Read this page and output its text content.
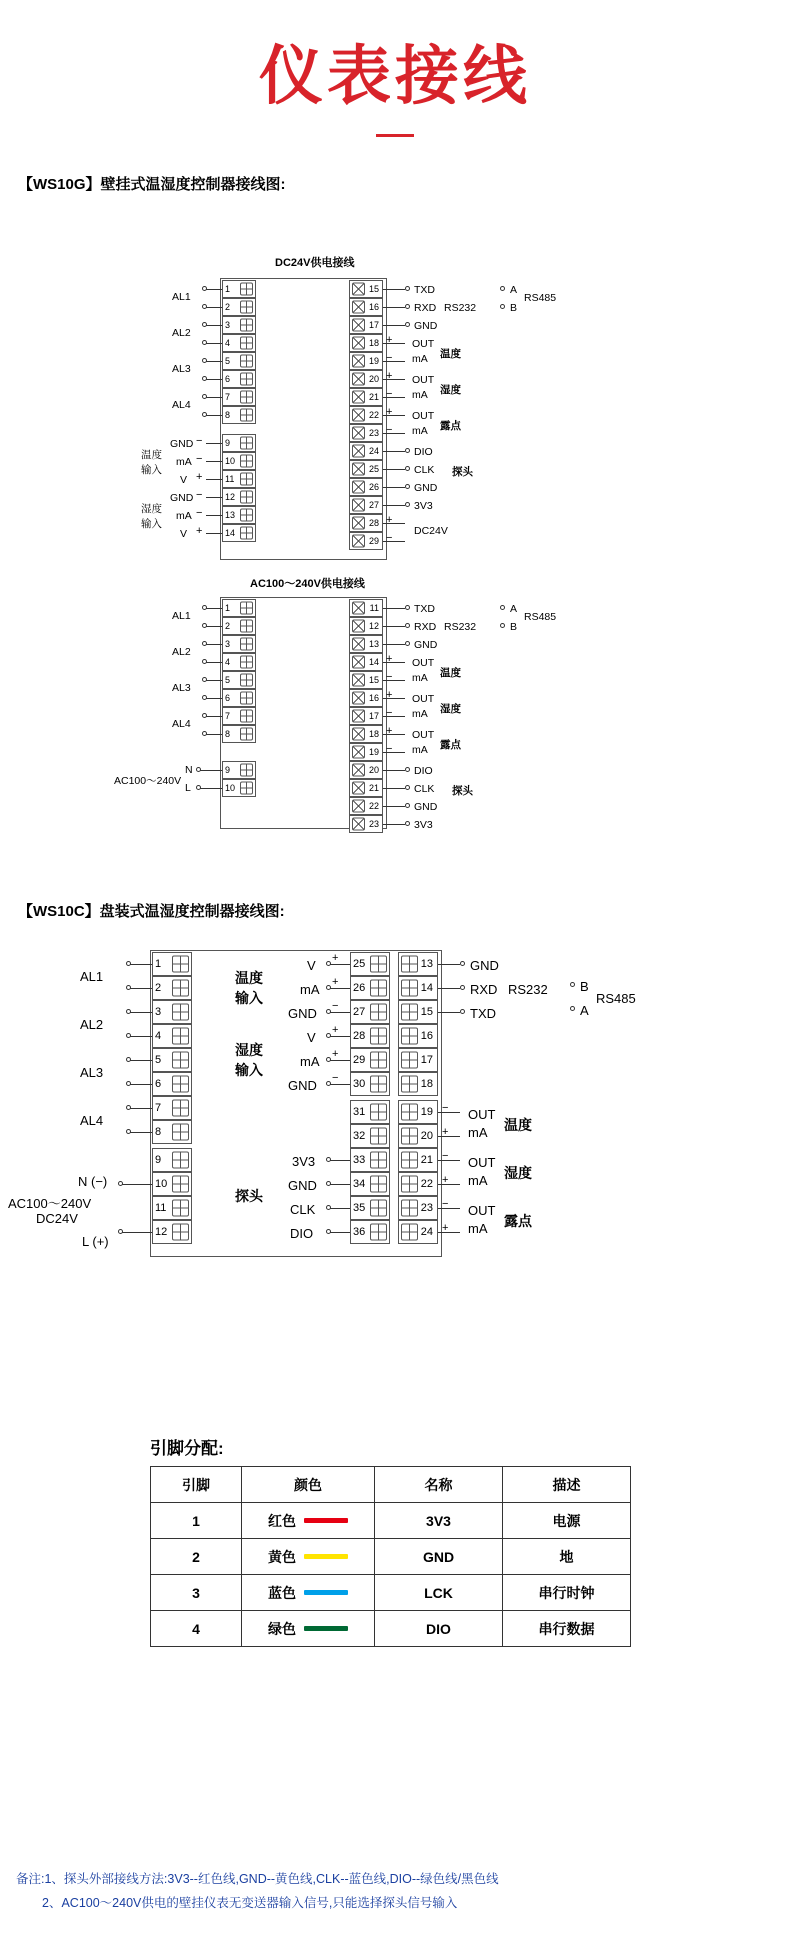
仪表接线
【WS10G】壁挂式温湿度控制器接线图:
DC24V供电接线
1
2
3
4
5
6
7
8
9
10
11
12
13
14
15
16
17
18
19
20
21
22
23
24
25
26
27
28
29
AL1
AL2
AL3
AL4
−
−
+
−
−
+
GND
mA
V
GND
mA
V
温度
输入
湿度
输入
TXD
RXD RS232
A
B
RS485
GND
+
−
OUT
mA 温度
+
−
OUT
mA 湿度
+
−
OUT
mA 露点
DIO
CLK
GND
3V3
探头
+
−
DC24V
AC100～240V供电接线
1
2
3
4
5
6
7
8
9
10
11
12
13
14
15
16
17
18
19
20
21
22
23
AL1
AL2
AL3
AL4
N
L
AC100～240V
TXD
RXD RS232
A
B
RS485
GND
+
−
OUT
mA 温度
+
−
OUT
mA 湿度
+
−
OUT
mA 露点
DIO
CLK
GND
3V3
探头
【WS10C】盘装式温湿度控制器接线图:
1
2
3
4
5
6
7
8
9
10
11
12
25
26
27
28
29
30
31
32
33
34
35
36
13
14
15
16
17
18
19
20
21
22
23
24
AL1
AL2
AL3
AL4
N (−)
L (+)
AC100～240V
DC24V
+
+
−
V
mA
GND
温度
输入
+
+
−
V
mA
GND
湿度
输入
3V3
GND
CLK
DIO
探头
GND
RXD RS232
TXD
B
A
RS485
−
+
OUT
mA 温度
−
+
OUT
mA 湿度
−
+
OUT
mA 露点
引脚分配:
引脚	颜色	名称	描述
1	红色	3V3	电源
2	黄色	GND	地
3	蓝色	LCK	串行时钟
4	绿色	DIO	串行数据
备注:1、探头外部接线方法:3V3--红色线,GND--黄色线,CLK--蓝色线,DIO--绿色线/黑色线
2、AC100～240V供电的壁挂仪表无变送器输入信号,只能选择探头信号输入
